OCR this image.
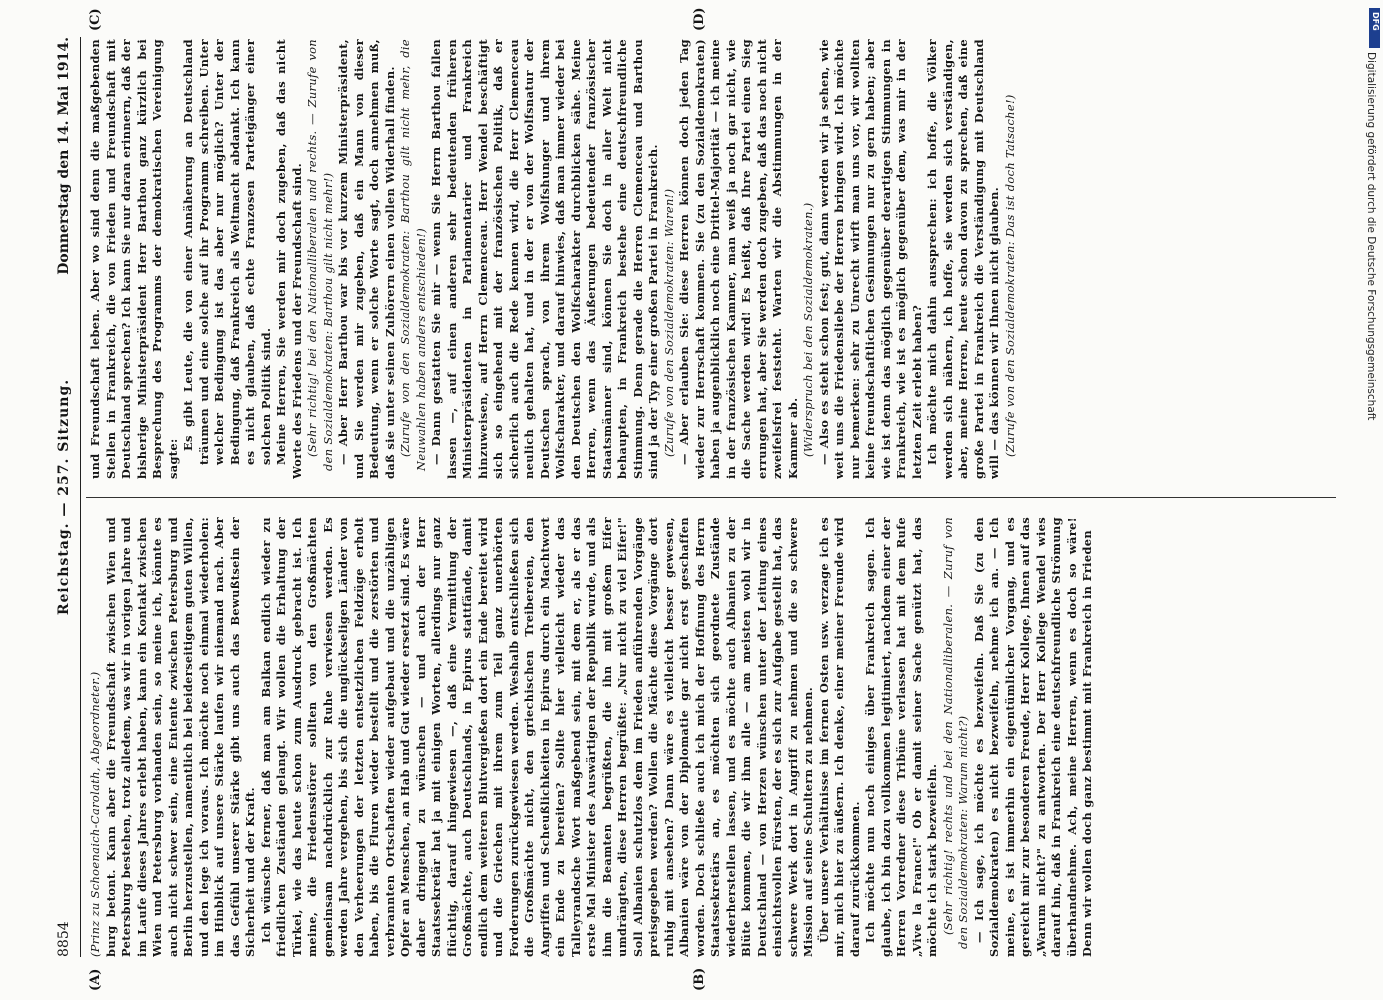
8854
Reichstag. — 257. Sitzung.
Donnerstag den 14. Mai 1914.
(A)	(B)
(C)	(D)

(Prinz zu Schoenaich-Carolath, Abgeordneter.) burg betont. Kann aber die Freundschaft zwischen Wien und Petersburg bestehen, trotz alledem, was wir in vorigen Jahre und im Laufe dieses Jahres erlebt haben, kann ein Kontakt zwischen Wien und Petersburg vorhanden sein, so meine ich, könnte es auch nicht schwer sein, eine Entente zwischen Petersburg und Berlin herzustellen, namentlich bei beiderseitigem guten Willen, und den lege ich voraus. Ich möchte noch einmal wiederholen: im Hinblick auf unsere Stärke laufen wir niemand nach. Aber das Gefühl unserer Stärke gibt uns auch das Bewußtsein der Sicherheit und der Kraft. Ich wünsche ferner, daß man am Balkan endlich wieder zu friedlichen Zuständen gelangt. Wir wollen die Erhaltung der Türkei, wie das heute schon zum Ausdruck gebracht ist. Ich meine, die Friedensstörer sollten von den Großmächten gemeinsam nachdrücklich zur Ruhe verwiesen werden. Es werden Jahre vergehen, bis sich die unglückseligen Länder von den Verheerungen der letzten entsetzlichen Feldzüge erholt haben, bis die Fluren wieder bestellt und die zerstörten und verbrannten Ortschaften wieder aufgebaut und die unzähligen Opfer an Menschen, an Hab und Gut wieder ersetzt sind. Es wäre daher dringend zu wünschen — und auch der Herr Staatssekretär hat ja mit einigen Worten, allerdings nur ganz flüchtig, darauf hingewiesen —, daß eine Vermittlung der Großmächte, auch Deutschlands, in Epirus stattfände, damit endlich dem weiteren Blutvergießen dort ein Ende bereitet wird und die Griechen mit ihrem zum Teil ganz unerhörten Forderungen zurückgewiesen werden. Weshalb entschließen sich die Großmächte nicht, den griechischen Treibereien, den Angriffen und Scheußlichkeiten in Epirus durch ein Machtwort ein Ende zu bereiten? Sollte hier vielleicht wieder das Talleyrandsche Wort maßgebend sein, mit dem er, als er das erste Mal Minister des Auswärtigen der Republik wurde, und als ihm die Beamten begrüßten, die ihn mit großem Eifer umdrängten, diese Herren begrüßte: „Nur nicht zu viel Eifer!" Soll Albanien schutzlos dem im Frieden anführenden Vorgänge preisgegeben werden? Wollen die Mächte diese Vorgänge dort ruhig mit ansehen? Dann wäre es vielleicht besser gewesen, Albanien wäre von der Diplomatie gar nicht erst geschaffen worden. Doch schließe auch ich mich der Hoffnung des Herrn Staatssekretärs an, es möchten sich geordnete Zustände wiederherstellen lassen, und es möchte auch Albanien zu der Blüte kommen, die wir ihm alle — am meisten wohl wir in Deutschland — von Herzen wünschen unter der Leitung eines einsichtsvollen Fürsten, der es sich zur Aufgabe gestellt hat, das schwere Werk dort in Angriff zu nehmen und die so schwere Mission auf seine Schultern zu nehmen. Über unsere Verhältnisse im fernen Osten usw. verzage ich es mir, mich hier zu äußern. Ich denke, einer meiner Freunde wird darauf zurückkommen. Ich möchte nun noch einiges über Frankreich sagen. Ich glaube, ich bin dazu vollkommen legitimiert, nachdem einer der Herren Vorredner diese Tribüne verlassen hat mit dem Rufe „Vive la France!" Ob er damit seiner Sache genützt hat, das möchte ich stark bezweifeln. (Sehr richtig! rechts und bei den Nationalliberalen. — Zuruf von den Sozialdemokraten: Warum nicht?) — Ich sage, ich möchte es bezweifeln. Daß Sie (zu den Sozialdemokraten) es nicht bezweifeln, nehme ich an. — Ich meine, es ist immerhin ein eigentümlicher Vorgang, und es gereicht mir zur besonderen Freude, Herr Kollege, Ihnen auf das „Warum nicht?" zu antworten. Der Herr Kollege Wendel wies darauf hin, daß in Frankreich eine deutschfreundliche Strömung überhandnehme. Ach, meine Herren, wenn es doch so wäre! Denn wir wollen doch ganz bestimmt mit Frankreich in Frieden

und Freundschaft leben. Aber wo sind denn die maßgebenden Stellen in Frankreich, die von Frieden und Freundschaft mit Deutschland sprechen? Ich kann Sie nur daran erinnern, daß der bisherige Ministerpräsident Herr Barthou ganz kürzlich bei Besprechung des Programms der demokratischen Vereinigung sagte:

Es gibt Leute, die von einer Annäherung an Deutschland träumen und eine solche auf ihr Programm schreiben. Unter welcher Bedingung ist das aber nur möglich? Unter der Bedingung, daß Frankreich als Weltmacht abdankt. Ich kann es nicht glauben, daß echte Franzosen Parteigänger einer solchen Politik sind. Meine Herren, Sie werden mir doch zugeben, daß das nicht Worte des Friedens und der Freundschaft sind. (Sehr richtig! bei den Nationalliberalen und rechts. — Zurufe von den Sozialdemokraten: Barthou gilt nicht mehr!) — Aber Herr Barthou war bis vor kurzem Ministerpräsident, und Sie werden mir zugeben, daß ein Mann von dieser Bedeutung, wenn er solche Worte sagt, doch annehmen muß, daß sie unter seinen Zuhörern einen vollen Widerhall finden. (Zurufe von den Sozialdemokraten: Barthou gilt nicht mehr, die Neuwahlen haben anders entschieden!) — Dann gestatten Sie mir — wenn Sie Herrn Barthou fallen lassen —, auf einen anderen sehr bedeutenden früheren Ministerpräsidenten in Parlamentarier und Frankreich hinzuweisen, auf Herrn Clemenceau. Herr Wendel beschäftigt sich so eingehend mit der französischen Politik, daß er sicherlich auch die Rede kennen wird, die Herr Clemenceau neulich gehalten hat, und in der er von der Wolfsnatur der Deutschen sprach, von ihrem Wolfshunger und ihrem Wolfscharakter, und darauf hinwies, daß man immer wieder bei den Deutschen den Wolfscharakter durchblicken sähe. Meine Herren, wenn das Äußerungen bedeutender französischer Staatsmänner sind, können Sie doch in aller Welt nicht behaupten, in Frankreich bestehe eine deutschfreundliche Stimmung. Denn gerade die Herren Clemenceau und Barthou sind ja der Typ einer großen Partei in Frankreich. (Zurufe von den Sozialdemokraten: Waren!) — Aber erlauben Sie: diese Herren können doch jeden Tag wieder zur Herrschaft kommen. Sie (zu den Sozialdemokraten) haben ja augenblicklich noch eine Drittel-Majorität — ich meine in der französischen Kammer, man weiß ja noch gar nicht, wie die Sache werden wird! Es heißt, daß Ihre Partei einen Sieg errungen hat, aber Sie werden doch zugeben, daß das noch nicht zweifelsfrei feststeht. Warten wir die Abstimmungen in der Kammer ab. (Widerspruch bei den Sozialdemokraten.) — Also es steht schon fest; gut, dann werden wir ja sehen, wie weit uns die Friedensliebe der Herren bringen wird. Ich möchte nur bemerken: sehr zu Unrecht wirft man uns vor, wir wollten keine freundschaftlichen Gesinnungen nur zu gern haben; aber wie ist denn das möglich gegenüber derartigen Stimmungen in Frankreich, wie ist es möglich gegenüber dem, was mir in der letzten Zeit erlebt haben? Ich möchte mich dahin aussprechen: ich hoffe, die Völker werden sich nähern, ich hoffe, sie werden sich verständigen, aber, meine Herren, heute schon davon zu sprechen, daß eine große Partei in Frankreich die Verständigung mit Deutschland will — das können wir Ihnen nicht glauben. (Zurufe von den Sozialdemokraten: Das ist doch Tatsache!)

DFG
Digitalisierung gefördert durch die Deutsche Forschungsgemeinschaft
